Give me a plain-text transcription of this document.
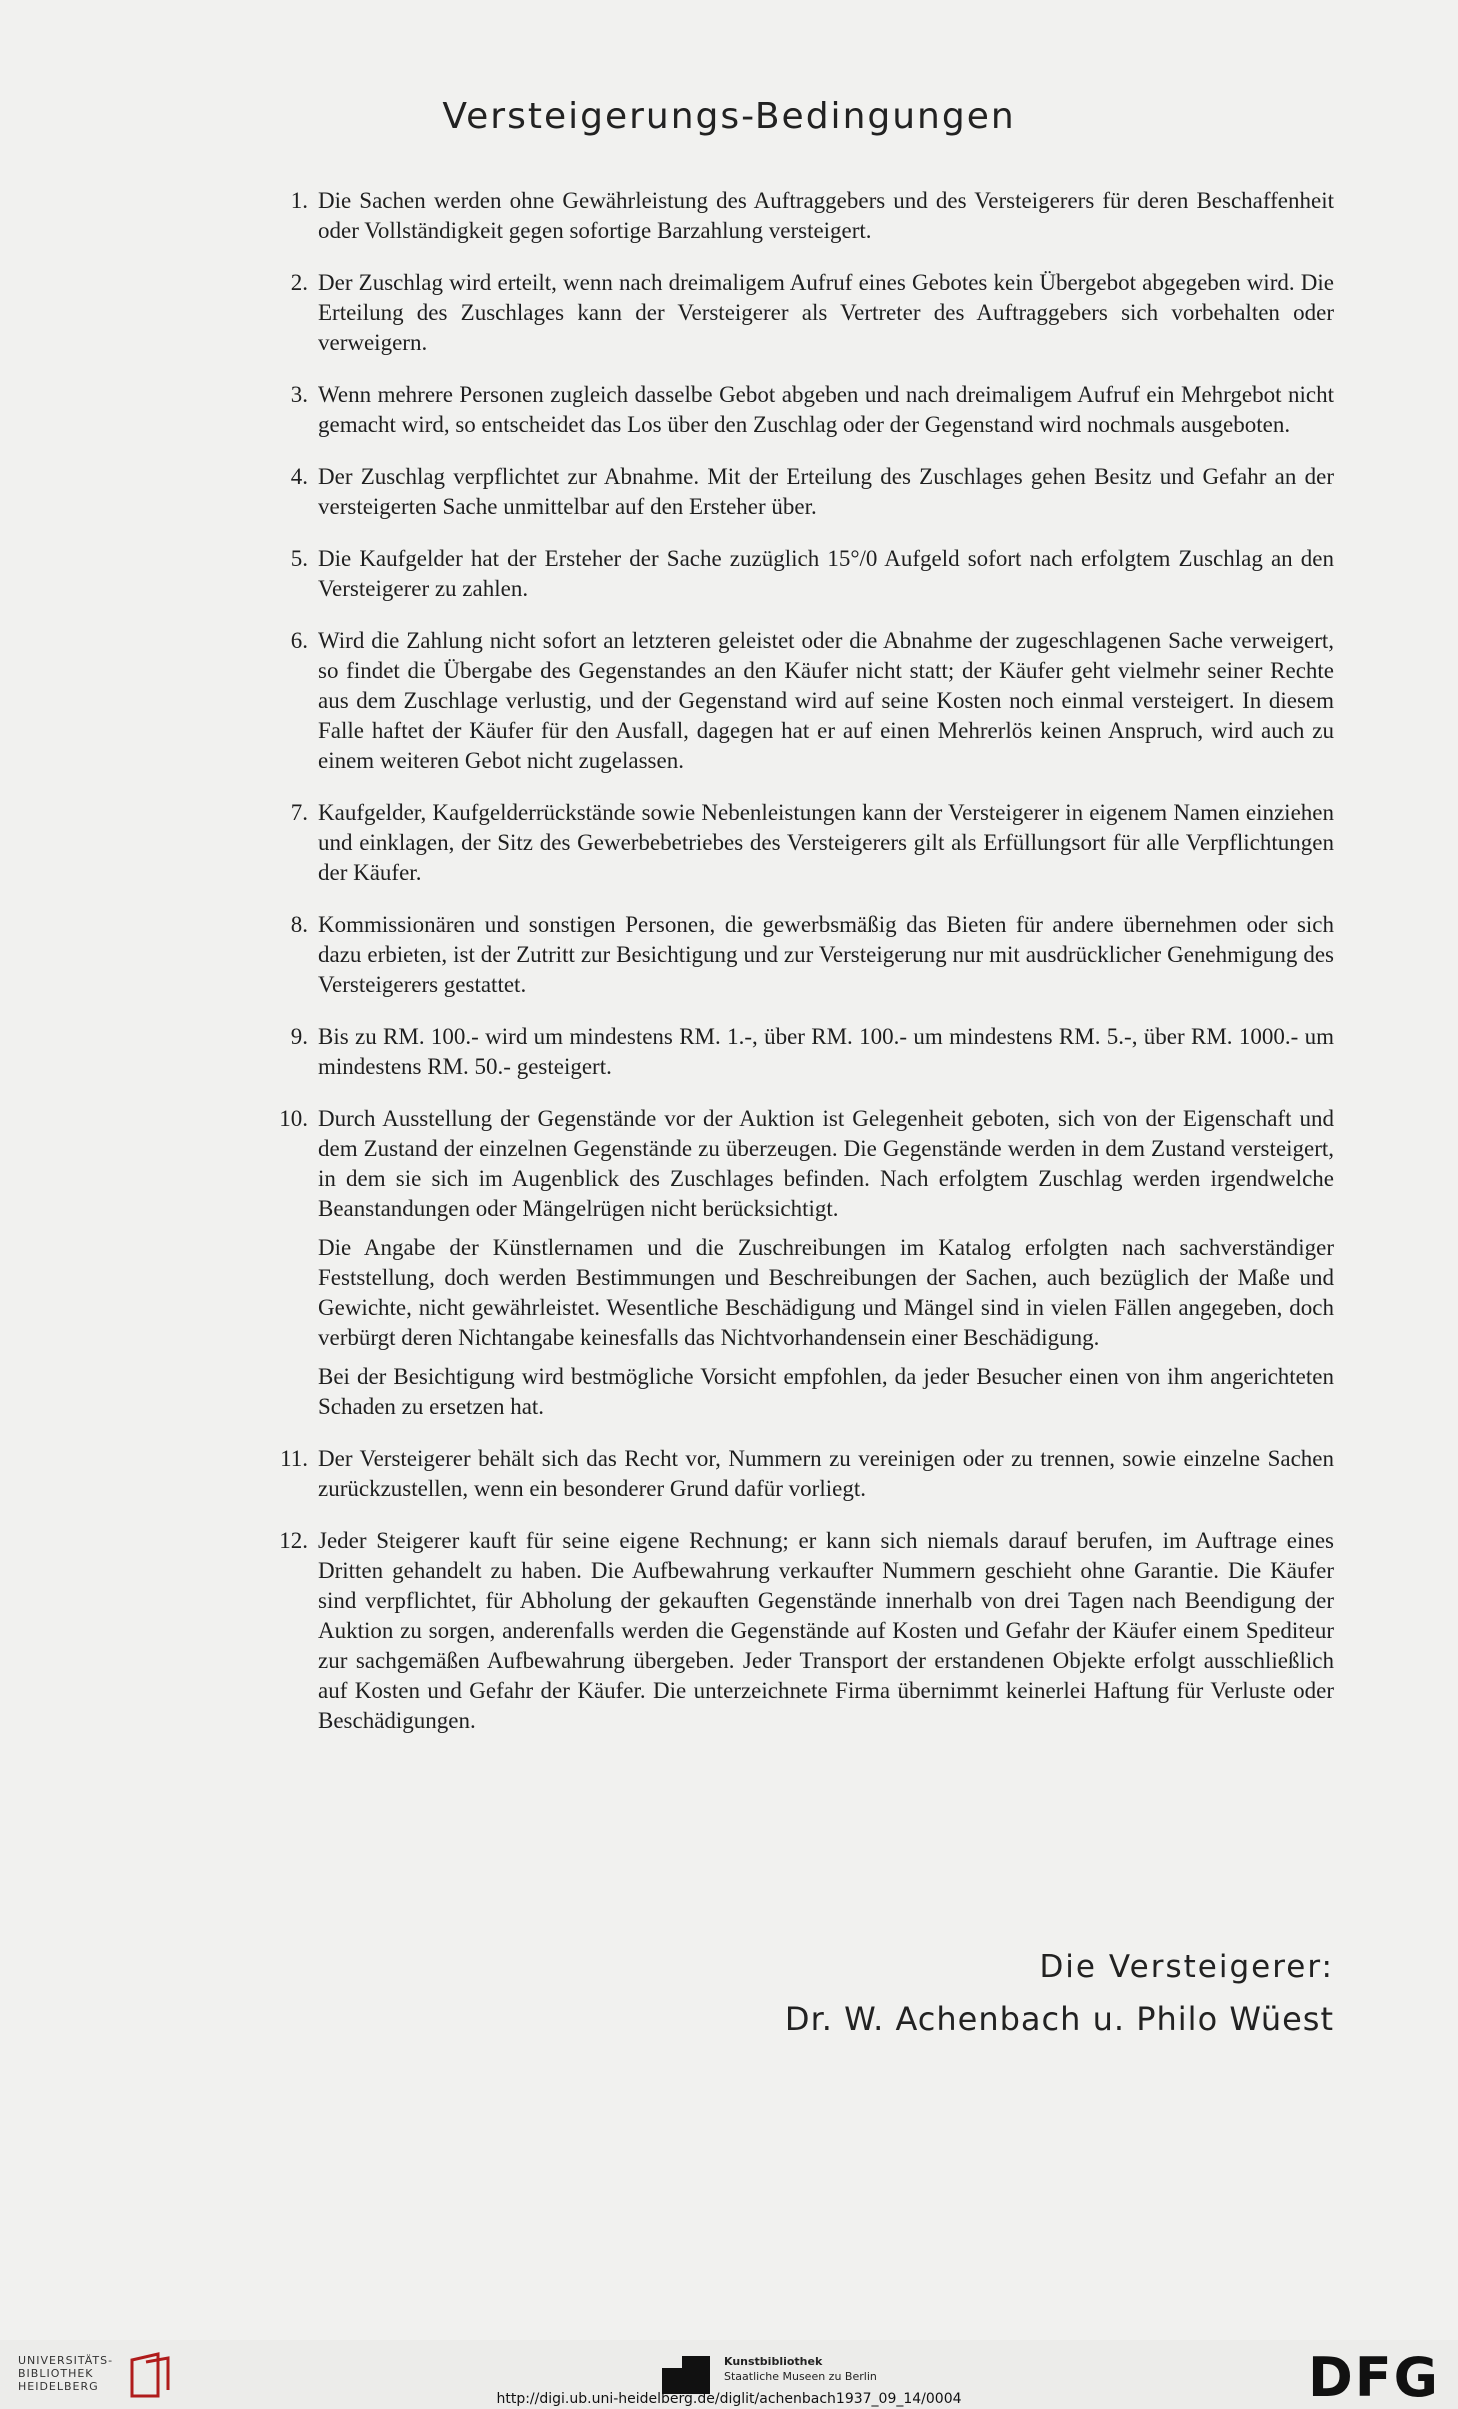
Versteigerungs-Bedingungen
1. Die Sachen werden ohne Gewährleistung des Auftraggebers und des Versteigerers für deren Beschaffenheit oder Vollständigkeit gegen sofortige Barzahlung versteigert.

2. Der Zuschlag wird erteilt, wenn nach dreimaligem Aufruf eines Gebotes kein Übergebot abgegeben wird. Die Erteilung des Zuschlages kann der Versteigerer als Vertreter des Auftraggebers sich vorbehalten oder verweigern.

3. Wenn mehrere Personen zugleich dasselbe Gebot abgeben und nach dreimaligem Aufruf ein Mehrgebot nicht gemacht wird, so entscheidet das Los über den Zuschlag oder der Gegenstand wird nochmals ausgeboten.

4. Der Zuschlag verpflichtet zur Abnahme. Mit der Erteilung des Zuschlages gehen Besitz und Gefahr an der versteigerten Sache unmittelbar auf den Ersteher über.

5. Die Kaufgelder hat der Ersteher der Sache zuzüglich 15°/0 Aufgeld sofort nach erfolgtem Zuschlag an den Versteigerer zu zahlen.

6. Wird die Zahlung nicht sofort an letzteren geleistet oder die Abnahme der zugeschlagenen Sache verweigert, so findet die Übergabe des Gegenstandes an den Käufer nicht statt; der Käufer geht vielmehr seiner Rechte aus dem Zuschlage verlustig, und der Gegenstand wird auf seine Kosten noch einmal versteigert. In diesem Falle haftet der Käufer für den Ausfall, dagegen hat er auf einen Mehrerlös keinen Anspruch, wird auch zu einem weiteren Gebot nicht zugelassen.

7. Kaufgelder, Kaufgelderrückstände sowie Nebenleistungen kann der Versteigerer in eigenem Namen einziehen und einklagen, der Sitz des Gewerbebetriebes des Versteigerers gilt als Erfüllungsort für alle Verpflichtungen der Käufer.

8. Kommissionären und sonstigen Personen, die gewerbsmäßig das Bieten für andere übernehmen oder sich dazu erbieten, ist der Zutritt zur Besichtigung und zur Versteigerung nur mit ausdrücklicher Genehmigung des Versteigerers gestattet.

9. Bis zu RM. 100.- wird um mindestens RM. 1.-, über RM. 100.- um mindestens RM. 5.-, über RM. 1000.- um mindestens RM. 50.- gesteigert.

10. Durch Ausstellung der Gegenstände vor der Auktion ist Gelegenheit geboten, sich von der Eigenschaft und dem Zustand der einzelnen Gegenstände zu überzeugen. Die Gegenstände werden in dem Zustand versteigert, in dem sie sich im Augenblick des Zuschlages befinden. Nach erfolgtem Zuschlag werden irgendwelche Beanstandungen oder Mängelrügen nicht berücksichtigt.

Die Angabe der Künstlernamen und die Zuschreibungen im Katalog erfolgten nach sachverständiger Feststellung, doch werden Bestimmungen und Beschreibungen der Sachen, auch bezüglich der Maße und Gewichte, nicht gewährleistet. Wesentliche Beschädigung und Mängel sind in vielen Fällen angegeben, doch verbürgt deren Nichtangabe keinesfalls das Nichtvorhandensein einer Beschädigung.

Bei der Besichtigung wird bestmögliche Vorsicht empfohlen, da jeder Besucher einen von ihm angerichteten Schaden zu ersetzen hat.

11. Der Versteigerer behält sich das Recht vor, Nummern zu vereinigen oder zu trennen, sowie einzelne Sachen zurückzustellen, wenn ein besonderer Grund dafür vorliegt.

12. Jeder Steigerer kauft für seine eigene Rechnung; er kann sich niemals darauf berufen, im Auftrage eines Dritten gehandelt zu haben. Die Aufbewahrung verkaufter Nummern geschieht ohne Garantie. Die Käufer sind verpflichtet, für Abholung der gekauften Gegenstände innerhalb von drei Tagen nach Beendigung der Auktion zu sorgen, anderenfalls werden die Gegenstände auf Kosten und Gefahr der Käufer einem Spediteur zur sachgemäßen Aufbewahrung übergeben. Jeder Transport der erstandenen Objekte erfolgt ausschließlich auf Kosten und Gefahr der Käufer. Die unterzeichnete Firma übernimmt keinerlei Haftung für Verluste oder Beschädigungen.

Die Versteigerer:
Dr. W. Achenbach u. Philo Wüest
UNIVERSITÄTS-
BIBLIOTHEK
HEIDELBERG
Kunstbibliothek
Staatliche Museen zu Berlin	DFG
http://digi.ub.uni-heidelberg.de/diglit/achenbach1937_09_14/0004
